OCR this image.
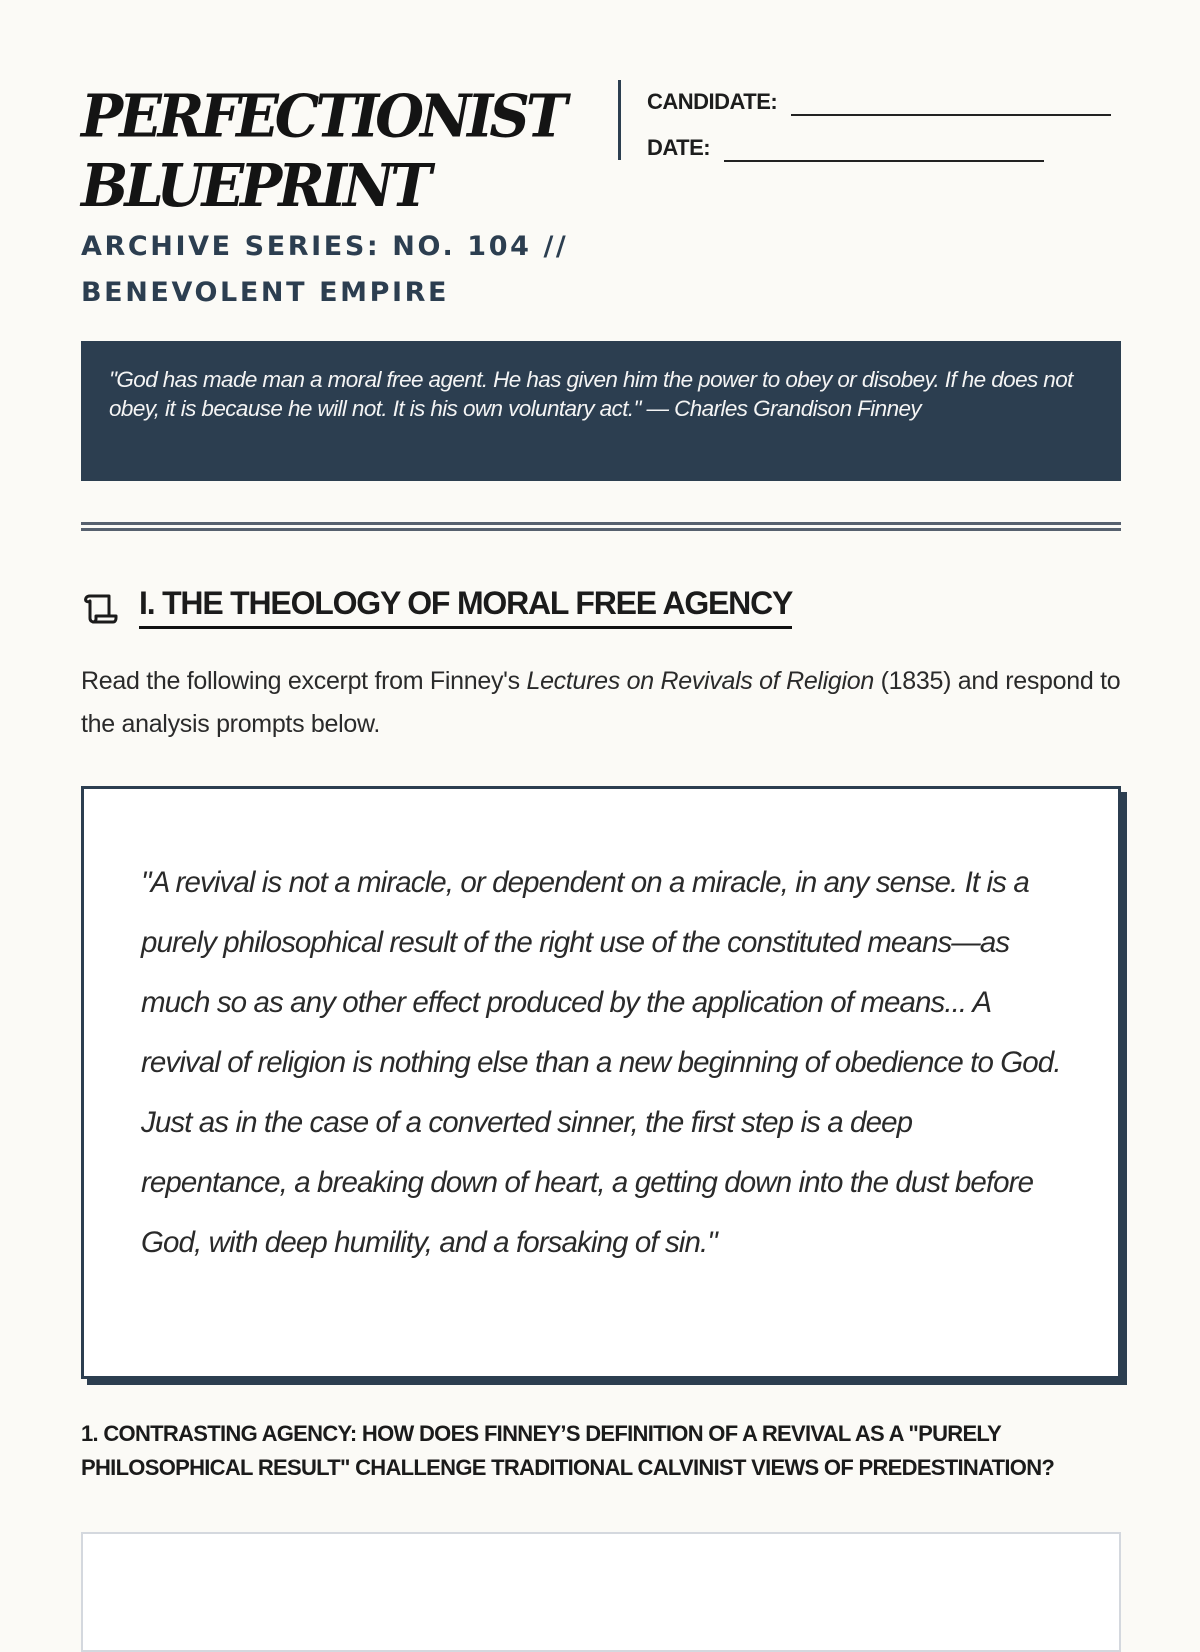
PERFECTIONIST
BLUEPRINT
ARCHIVE SERIES: NO. 104 //
BENEVOLENT EMPIRE
CANDIDATE:
DATE:
"God has made man a moral free agent. He has given him the power to obey or disobey. If he does not obey, it is because he will not. It is his own voluntary act." — Charles Grandison Finney
I. THE THEOLOGY OF MORAL FREE AGENCY

Read the following excerpt from Finney's Lectures on Revivals of Religion (1835) and respond to the analysis prompts below.

"A revival is not a miracle, or dependent on a miracle, in any sense. It is a purely philosophical result of the right use of the constituted means—as much so as any other effect produced by the application of means... A revival of religion is nothing else than a new beginning of obedience to God. Just as in the case of a converted sinner, the first step is a deep repentance, a breaking down of heart, a getting down into the dust before God, with deep humility, and a forsaking of sin."
1. CONTRASTING AGENCY: HOW DOES FINNEY’S DEFINITION OF A REVIVAL AS A "PURELY PHILOSOPHICAL RESULT" CHALLENGE TRADITIONAL CALVINIST VIEWS OF PREDESTINATION?
